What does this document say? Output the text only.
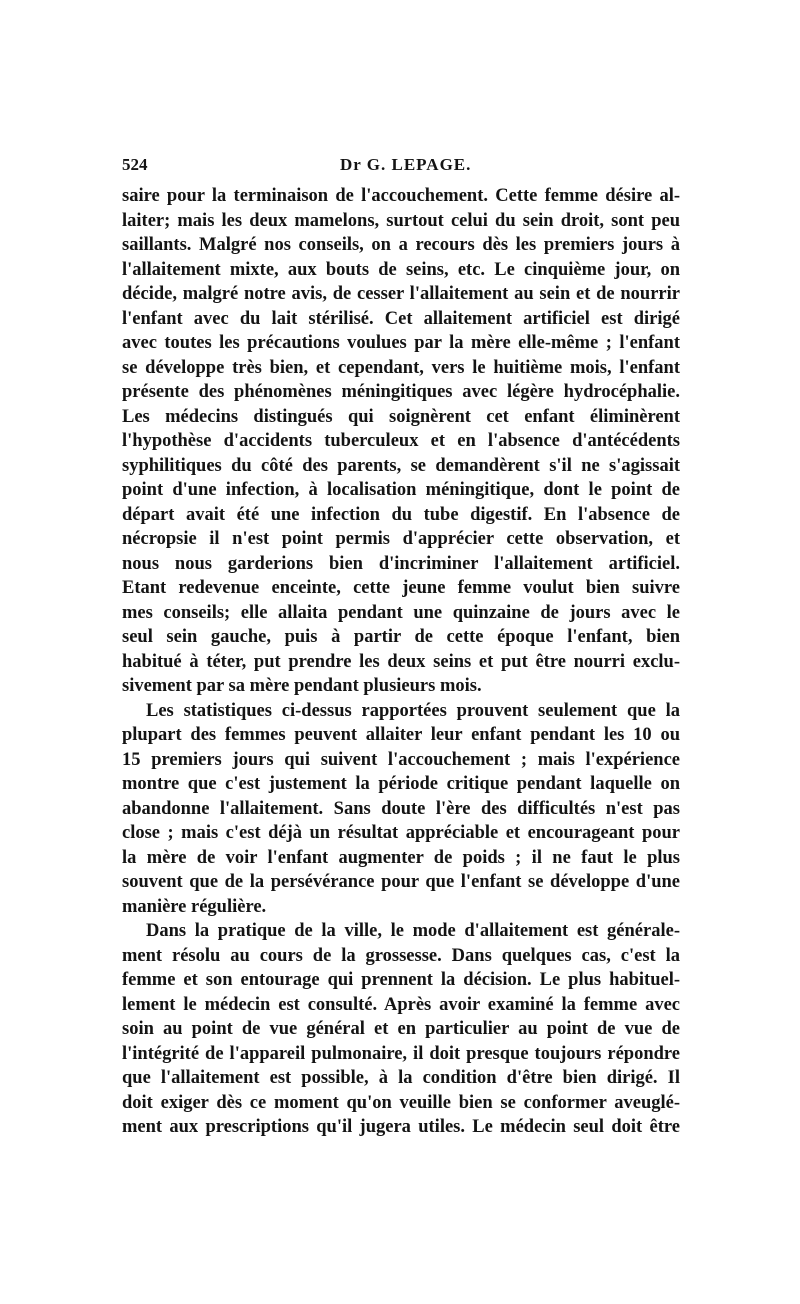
524	Dr G. LEPAGE.
saire pour la terminaison de l'accouchement. Cette femme désire al-
laiter; mais les deux mamelons, surtout celui du sein droit, sont peu
saillants. Malgré nos conseils, on a recours dès les premiers jours à
l'allaitement mixte, aux bouts de seins, etc. Le cinquième jour, on
décide, malgré notre avis, de cesser l'allaitement au sein et de nourrir
l'enfant avec du lait stérilisé. Cet allaitement artificiel est dirigé
avec toutes les précautions voulues par la mère elle-même ; l'enfant
se développe très bien, et cependant, vers le huitième mois, l'enfant
présente des phénomènes méningitiques avec légère hydrocéphalie.
Les médecins distingués qui soignèrent cet enfant éliminèrent
l'hypothèse d'accidents tuberculeux et en l'absence d'antécédents
syphilitiques du côté des parents, se demandèrent s'il ne s'agissait
point d'une infection, à localisation méningitique, dont le point de
départ avait été une infection du tube digestif. En l'absence de
nécropsie il n'est point permis d'apprécier cette observation, et
nous nous garderions bien d'incriminer l'allaitement artificiel.
Etant redevenue enceinte, cette jeune femme voulut bien suivre
mes conseils; elle allaita pendant une quinzaine de jours avec le
seul sein gauche, puis à partir de cette époque l'enfant, bien
habitué à téter, put prendre les deux seins et put être nourri exclu-
sivement par sa mère pendant plusieurs mois.
Les statistiques ci-dessus rapportées prouvent seulement que la
plupart des femmes peuvent allaiter leur enfant pendant les 10 ou
15 premiers jours qui suivent l'accouchement ; mais l'expérience
montre que c'est justement la période critique pendant laquelle on
abandonne l'allaitement. Sans doute l'ère des difficultés n'est pas
close ; mais c'est déjà un résultat appréciable et encourageant pour
la mère de voir l'enfant augmenter de poids ; il ne faut le plus
souvent que de la persévérance pour que l'enfant se développe d'une
manière régulière.
Dans la pratique de la ville, le mode d'allaitement est générale-
ment résolu au cours de la grossesse. Dans quelques cas, c'est la
femme et son entourage qui prennent la décision. Le plus habituel-
lement le médecin est consulté. Après avoir examiné la femme avec
soin au point de vue général et en particulier au point de vue de
l'intégrité de l'appareil pulmonaire, il doit presque toujours répondre
que l'allaitement est possible, à la condition d'être bien dirigé. Il
doit exiger dès ce moment qu'on veuille bien se conformer aveuglé-
ment aux prescriptions qu'il jugera utiles. Le médecin seul doit être
